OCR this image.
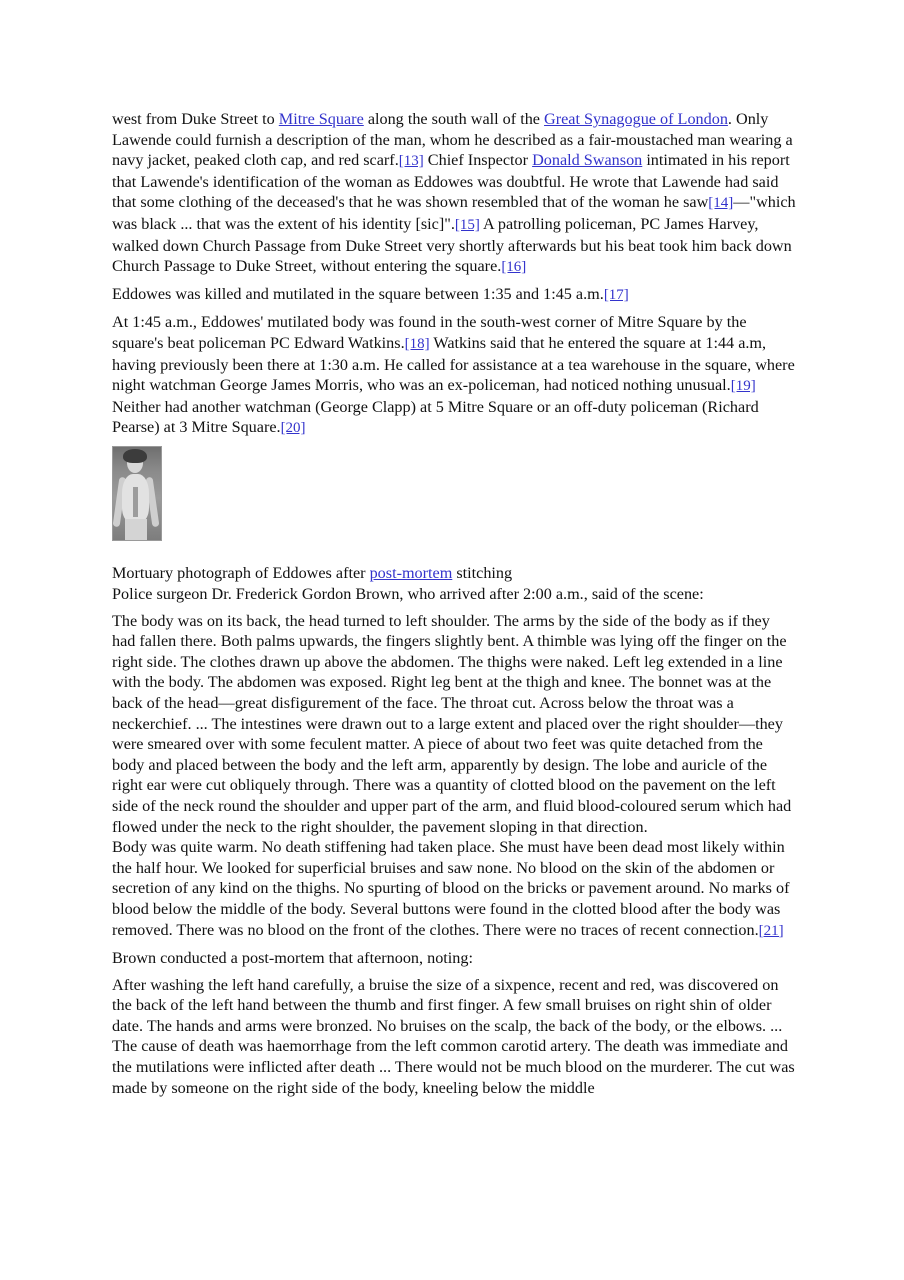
west from Duke Street to Mitre Square along the south wall of the Great Synagogue of London. Only Lawende could furnish a description of the man, whom he described as a fair-moustached man wearing a navy jacket, peaked cloth cap, and red scarf.[13] Chief Inspector Donald Swanson intimated in his report that Lawende's identification of the woman as Eddowes was doubtful. He wrote that Lawende had said that some clothing of the deceased's that he was shown resembled that of the woman he saw[14]—"which was black ... that was the extent of his identity [sic]".[15] A patrolling policeman, PC James Harvey, walked down Church Passage from Duke Street very shortly afterwards but his beat took him back down Church Passage to Duke Street, without entering the square.[16]

Eddowes was killed and mutilated in the square between 1:35 and 1:45 a.m.[17]

At 1:45 a.m., Eddowes' mutilated body was found in the south-west corner of Mitre Square by the square's beat policeman PC Edward Watkins.[18] Watkins said that he entered the square at 1:44 a.m, having previously been there at 1:30 a.m. He called for assistance at a tea warehouse in the square, where night watchman George James Morris, who was an ex-policeman, had noticed nothing unusual.[19] Neither had another watchman (George Clapp) at 5 Mitre Square or an off-duty policeman (Richard Pearse) at 3 Mitre Square.[20]

Mortuary photograph of Eddowes after post-mortem stitching

Police surgeon Dr. Frederick Gordon Brown, who arrived after 2:00 a.m., said of the scene:

The body was on its back, the head turned to left shoulder. The arms by the side of the body as if they had fallen there. Both palms upwards, the fingers slightly bent. A thimble was lying off the finger on the right side. The clothes drawn up above the abdomen. The thighs were naked. Left leg extended in a line with the body. The abdomen was exposed. Right leg bent at the thigh and knee. The bonnet was at the back of the head—great disfigurement of the face. The throat cut. Across below the throat was a neckerchief. ... The intestines were drawn out to a large extent and placed over the right shoulder—they were smeared over with some feculent matter. A piece of about two feet was quite detached from the body and placed between the body and the left arm, apparently by design. The lobe and auricle of the right ear were cut obliquely through. There was a quantity of clotted blood on the pavement on the left side of the neck round the shoulder and upper part of the arm, and fluid blood-coloured serum which had flowed under the neck to the right shoulder, the pavement sloping in that direction.

Body was quite warm. No death stiffening had taken place. She must have been dead most likely within the half hour. We looked for superficial bruises and saw none. No blood on the skin of the abdomen or secretion of any kind on the thighs. No spurting of blood on the bricks or pavement around. No marks of blood below the middle of the body. Several buttons were found in the clotted blood after the body was removed. There was no blood on the front of the clothes. There were no traces of recent connection.[21]

Brown conducted a post-mortem that afternoon, noting:

After washing the left hand carefully, a bruise the size of a sixpence, recent and red, was discovered on the back of the left hand between the thumb and first finger. A few small bruises on right shin of older date. The hands and arms were bronzed. No bruises on the scalp, the back of the body, or the elbows. ... The cause of death was haemorrhage from the left common carotid artery. The death was immediate and the mutilations were inflicted after death ... There would not be much blood on the murderer. The cut was made by someone on the right side of the body, kneeling below the middle
